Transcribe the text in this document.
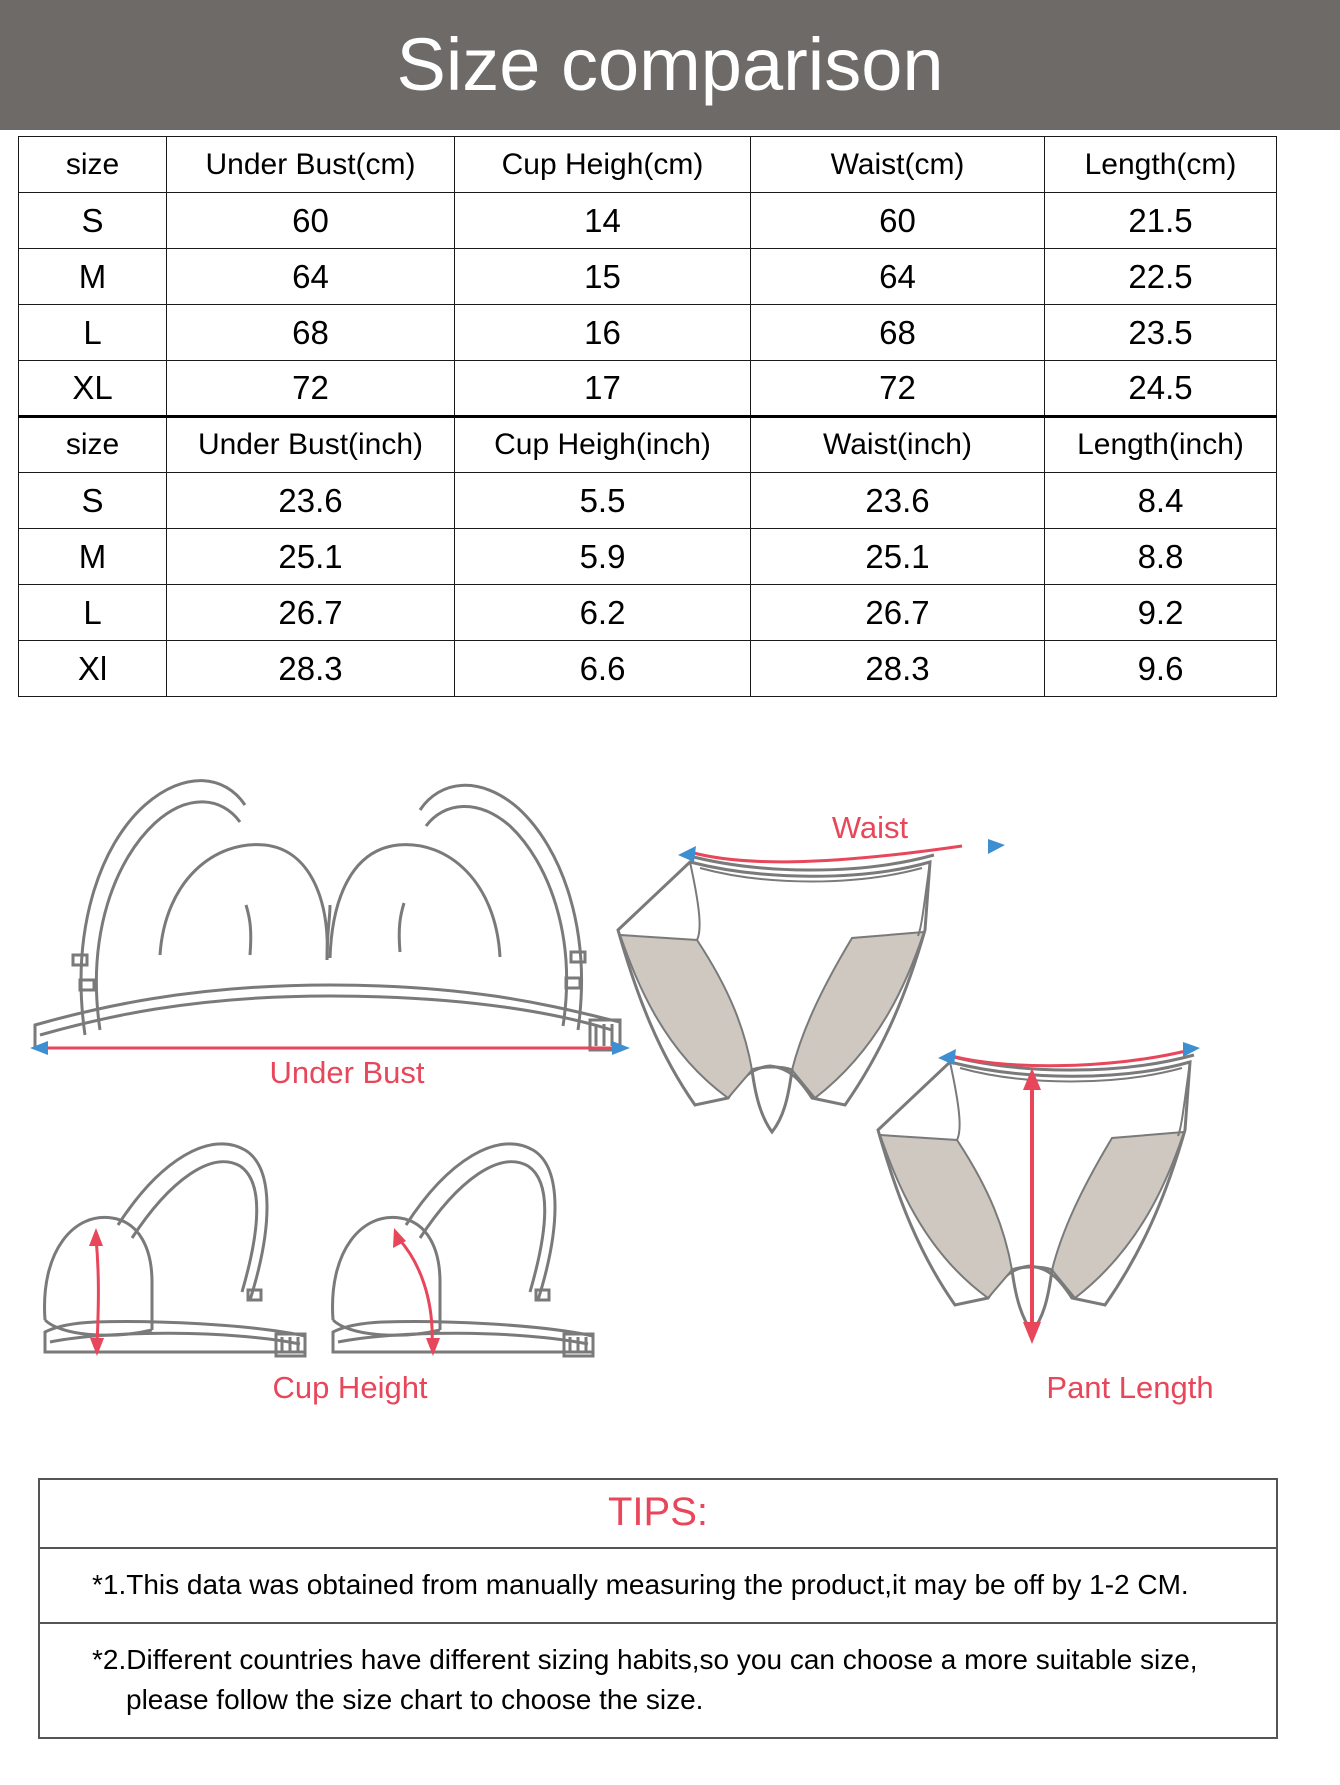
Size comparison
size	Under Bust(cm)	Cup Heigh(cm)	Waist(cm)	Length(cm)
S	60	14	60	21.5
M	64	15	64	22.5
L	68	16	68	23.5
XL	72	17	72	24.5
size	Under Bust(inch)	Cup Heigh(inch)	Waist(inch)	Length(inch)
S	23.6	5.5	23.6	8.4
M	25.1	5.9	25.1	8.8
L	26.7	6.2	26.7	9.2
Xl	28.3	6.6	28.3	9.6
Under Bust
Cup Height
Waist
Pant Length
TIPS:
*1.This data was obtained from manually measuring the product,it may be off by 1-2 CM.
*2.Different countries have different sizing habits,so you can choose a more suitable size,
please follow the size chart to choose the size.
